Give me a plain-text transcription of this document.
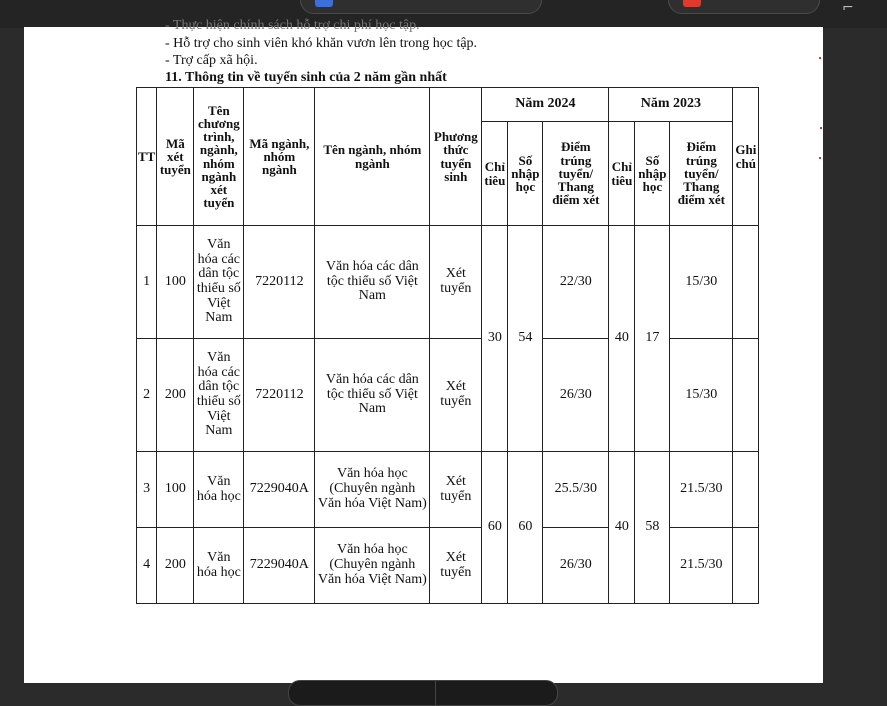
⌐
- Thực hiện chính sách hỗ trợ chi phí học tập.
- Hỗ trợ cho sinh viên khó khăn vươn lên trong học tập.
- Trợ cấp xã hội.
11. Thông tin về tuyển sinh của 2 năm gần nhất
TT	Mã xét tuyển	Tên chương trình, ngành, nhóm ngành xét tuyển	Mã ngành, nhóm ngành	Tên ngành, nhóm ngành	Phương thức tuyển sinh	Năm 2024			Năm 2023			Ghi chú
						Chỉ tiêu	Số nhập học	Điểm trúng tuyển/ Thang điểm xét	Chỉ tiêu	Số nhập học	Điểm trúng tuyển/ Thang điểm xét	
1	100	Văn hóa các dân tộc thiểu số Việt Nam	7220112	Văn hóa các dân tộc thiểu số Việt Nam	Xét tuyển	30	54	22/30	40	17	15/30	
2	200	Văn hóa các dân tộc thiểu số Việt Nam	7220112	Văn hóa các dân tộc thiểu số Việt Nam	Xét tuyển			26/30			15/30	
3	100	Văn hóa học	7229040A	Văn hóa học (Chuyên ngành Văn hóa Việt Nam)	Xét tuyển	60	60	25.5/30	40	58	21.5/30	
4	200	Văn hóa học	7229040A	Văn hóa học (Chuyên ngành Văn hóa Việt Nam)	Xét tuyển			26/30			21.5/30	
